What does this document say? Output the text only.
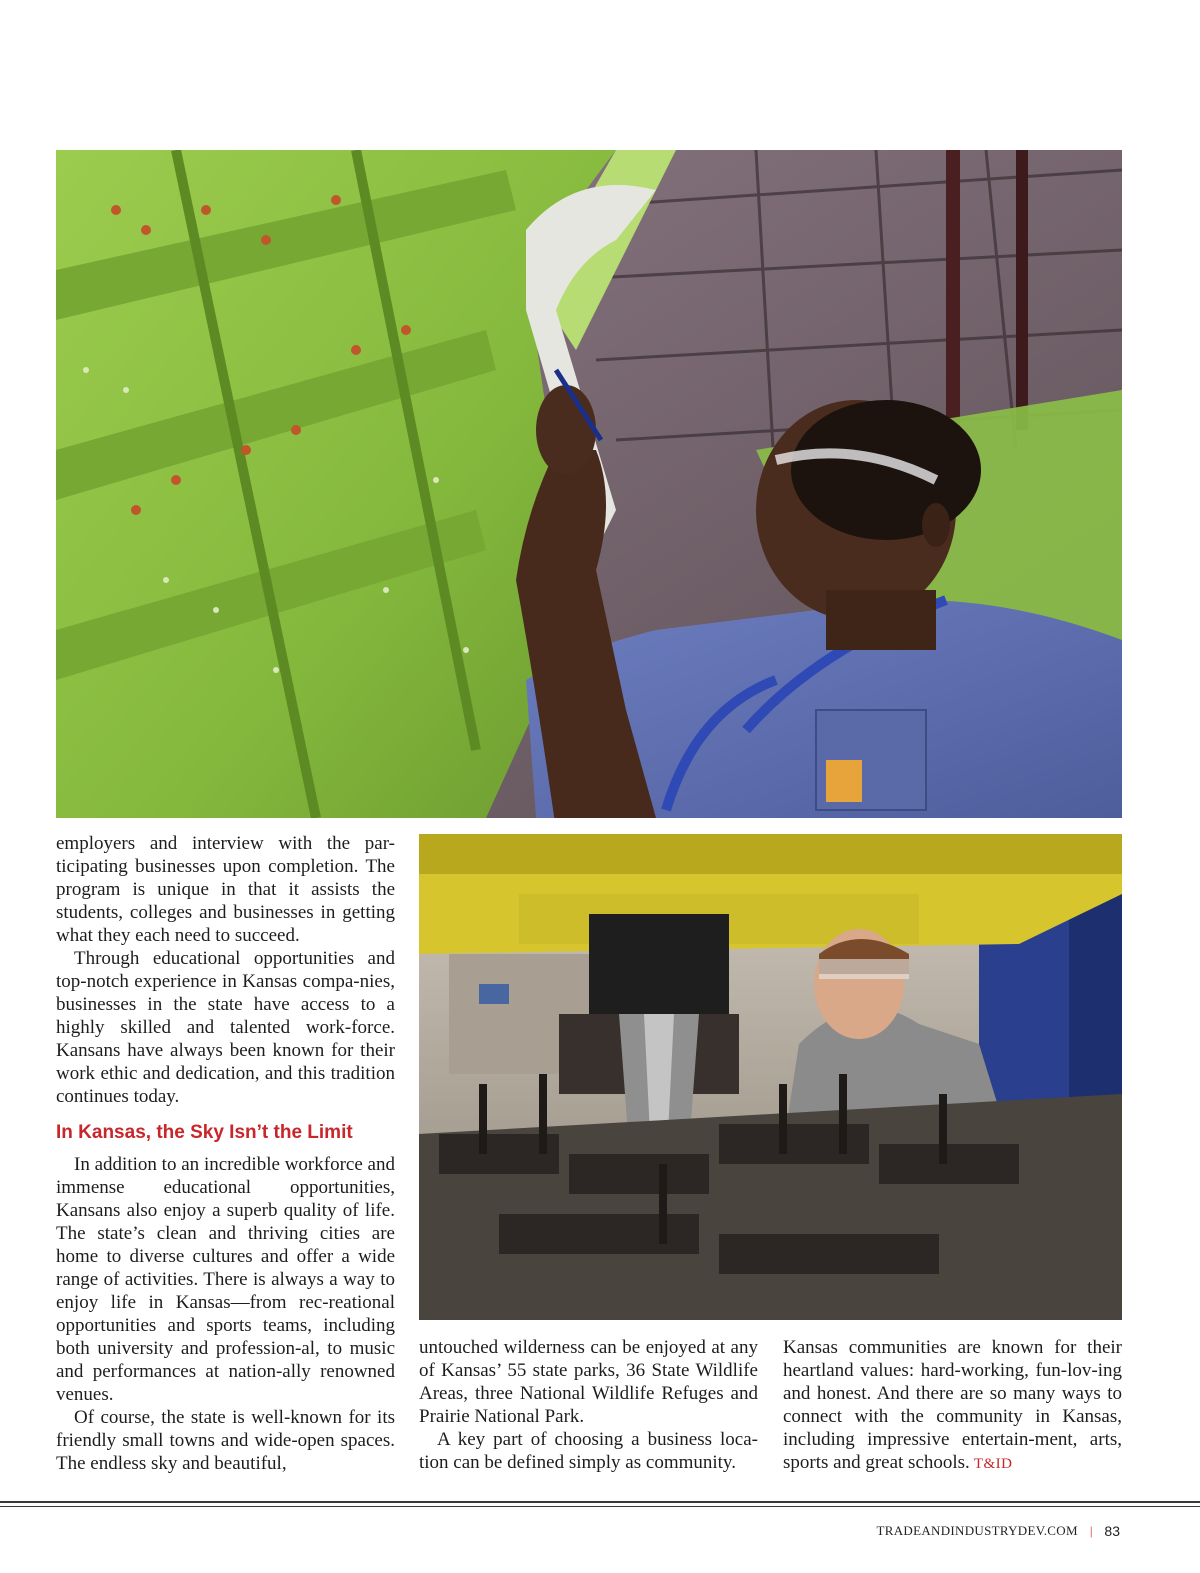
employers and interview with the par-ticipating businesses upon completion. The program is unique in that it assists the students, colleges and businesses in getting what they each need to succeed.

Through educational opportunities and top-notch experience in Kansas compa-nies, businesses in the state have access to a highly skilled and talented work-force. Kansans have always been known for their work ethic and dedication, and this tradition continues today.

In Kansas, the Sky Isn’t the Limit

In addition to an incredible workforce and immense educational opportunities, Kansans also enjoy a superb quality of life. The state’s clean and thriving cities are home to diverse cultures and offer a wide range of activities. There is always a way to enjoy life in Kansas—from rec-reational opportunities and sports teams, including both university and profession-al, to music and performances at nation-ally renowned venues.

Of course, the state is well-known for its friendly small towns and wide-open spaces. The endless sky and beautiful,

untouched wilderness can be enjoyed at any of Kansas’ 55 state parks, 36 State Wildlife Areas, three National Wildlife Refuges and Prairie National Park.

A key part of choosing a business loca-tion can be defined simply as community.

Kansas communities are known for their heartland values: hard-working, fun-lov-ing and honest. And there are so many ways to connect with the community in Kansas, including impressive entertain-ment, arts, sports and great schools. T&ID

TRADEANDINDUSTRYDEV.COM | 83
